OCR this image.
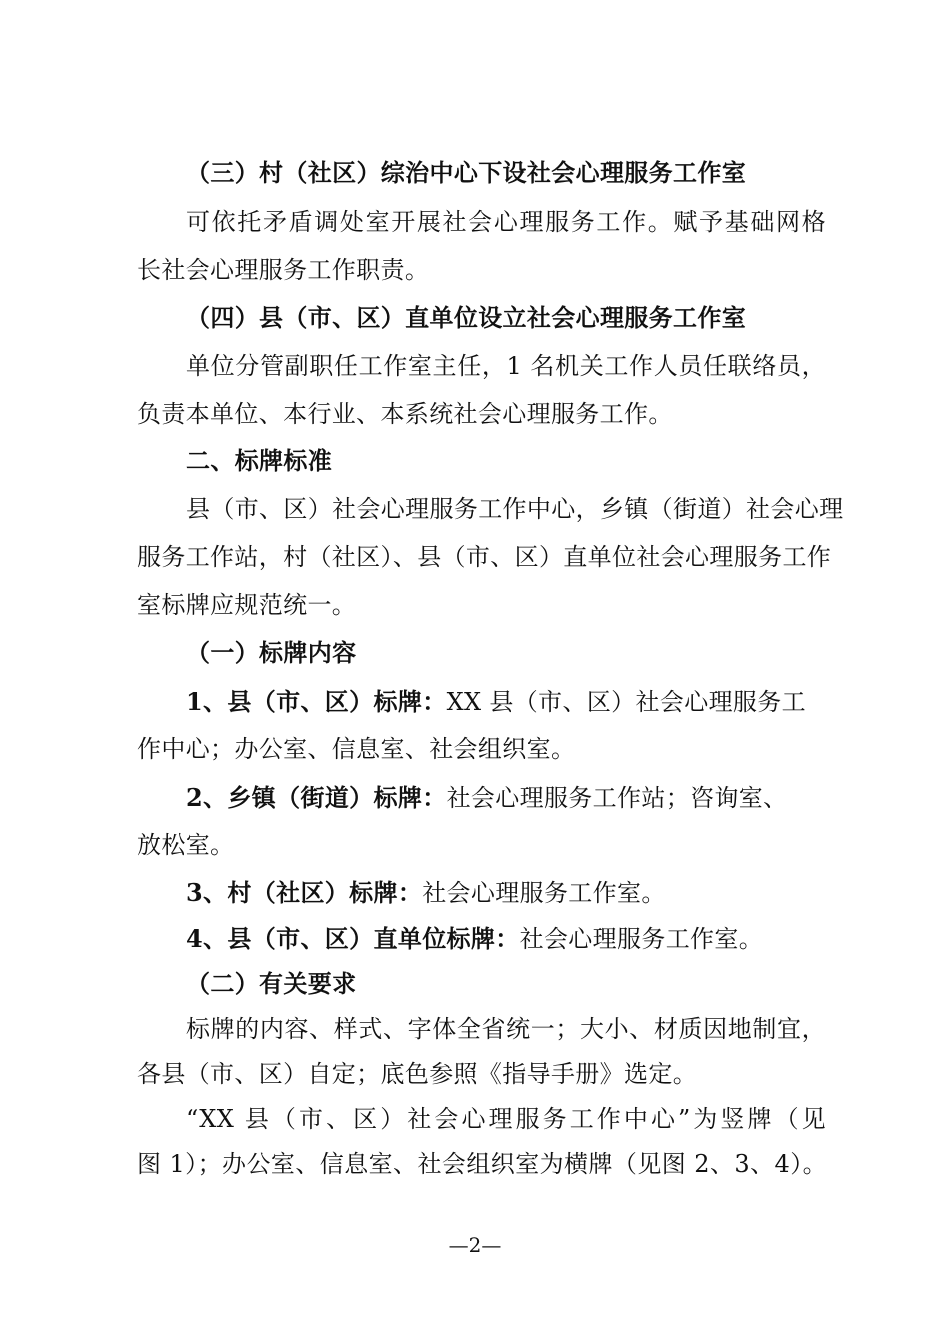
（三）村（社区）综治中心下设社会心理服务工作室
可依托矛盾调处室开展社会心理服务工作。赋予基础网格
长社会心理服务工作职责。
（四）县（市、区）直单位设立社会心理服务工作室
单位分管副职任工作室主任，1 名机关工作人员任联络员，
负责本单位、本行业、本系统社会心理服务工作。
二、标牌标准
县（市、区）社会心理服务工作中心，乡镇（街道）社会心理
服务工作站，村（社区）、县（市、区）直单位社会心理服务工作
室标牌应规范统一。
（一）标牌内容
1、县（市、区）标牌：XX 县（市、区）社会心理服务工
作中心；办公室、信息室、社会组织室。
2、乡镇（街道）标牌：社会心理服务工作站；咨询室、
放松室。
3、村（社区）标牌：社会心理服务工作室。
4、县（市、区）直单位标牌：社会心理服务工作室。
（二）有关要求
标牌的内容、样式、字体全省统一；大小、材质因地制宜，
各县（市、区）自定；底色参照《指导手册》选定。
“XX 县（市、区）社会心理服务工作中心”为竖牌（见
图 1）；办公室、信息室、社会组织室为横牌（见图 2、3、4）。
—2—
